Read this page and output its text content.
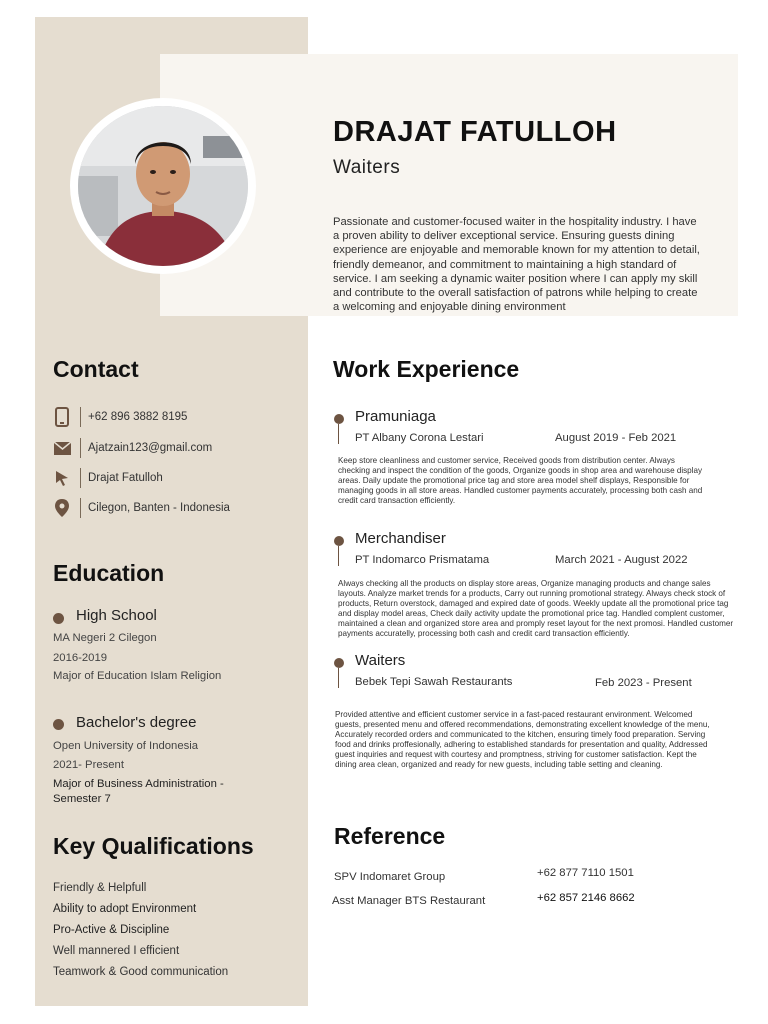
DRAJAT FATULLOH
Waiters
Passionate and customer-focused waiter in the hospitality industry. I have a proven ability to deliver exceptional service. Ensuring guests dining experience are enjoyable and memorable known for my attention to detail, friendly demeanor, and commitment to maintaining a high standard of service. I am seeking a dynamic waiter position where I can apply my skill and contribute to the overall satisfaction of patrons while helping to create a welcoming and enjoyable dining environment
Contact
+62 896 3882 8195
Ajatzain123@gmail.com
Drajat Fatulloh
Cilegon, Banten - Indonesia
Education
High School
MA Negeri 2 Cilegon
2016-2019
Major of Education Islam Religion
Bachelor's degree
Open University of Indonesia
2021- Present
Major of Business Administration - Semester 7
Key Qualifications
Friendly & Helpfull
Ability to adopt Environment
Pro-Active & Discipline
Well mannered I efficient
Teamwork & Good communication
Work Experience
Pramuniaga
PT Albany Corona Lestari	August 2019 - Feb 2021
Keep store cleanliness and customer service, Received goods from distribution center. Always checking and inspect the condition of the goods, Organize goods in shop area and warehouse display areas. Daily update the promotional price tag and store area model shelf displays, Responsible for managing goods in all store areas. Handled customer payments accurately, processing both cash and credit card transaction efficiently.
Merchandiser
PT Indomarco Prismatama	March 2021 - August 2022
Always checking all the products on display store areas, Organize managing products and change sales layouts. Analyze market trends for a products, Carry out running promotional strategy. Always check stock of products, Return overstock, damaged and expired date of goods. Weekly update all the promotional price tag and display model areas, Check daily activity update the promotional price tag. Handled complent customer, maintained a clean and organized store area and promply reset layout for the next promosi. Handled customer payments accuratelly, processing both cash and credit card transaction efficiently.
Waiters
Bebek Tepi Sawah Restaurants	Feb 2023 - Present
Provided attentive and efficient customer service in a fast-paced restaurant environment. Welcomed guests, presented menu and offered recommendations, demonstrating excellent knowledge of the menu, Accurately recorded orders and communicated to the kitchen, ensuring timely food preparation. Serving food and drinks proffesionally, adhering to established standards for presentation and quality, Addressed guest inquiries and request with courtesy and promptness, striving for customer satisfaction. Kept the dining area clean, organized and ready for new guests, including table setting and cleaning.
Reference
SPV Indomaret Group	+62 877 7110 1501
Asst Manager BTS Restaurant	+62 857 2146 8662
